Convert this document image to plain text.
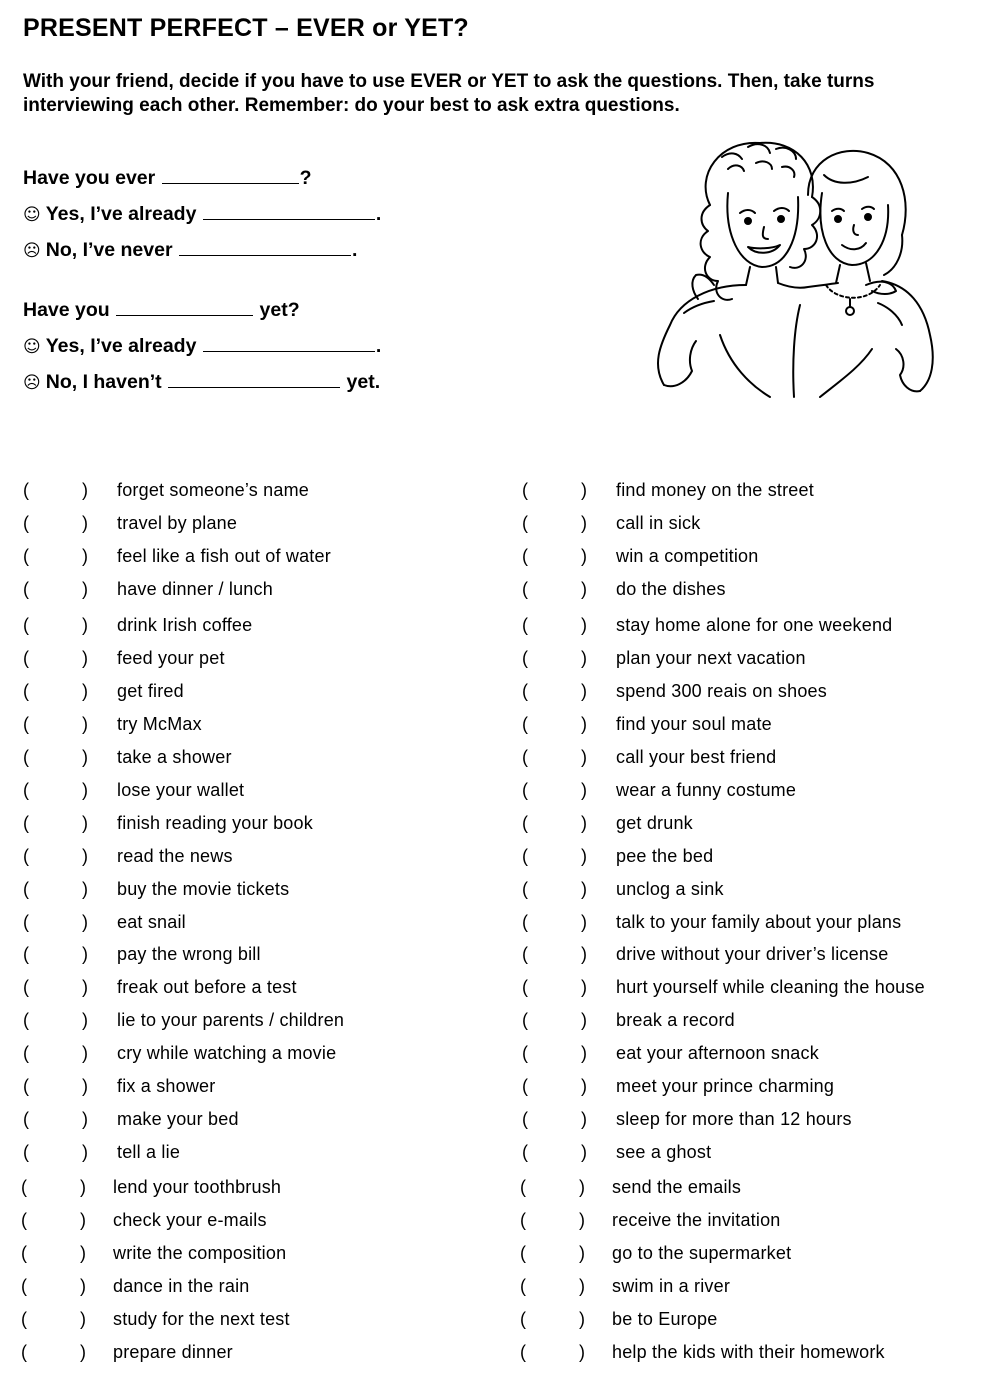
PRESENT PERFECT – EVER or YET?
With your friend, decide if you have to use EVER or YET to ask the questions. Then, take turns interviewing each other. Remember: do your best to ask extra questions.
Have you ever	?
☺ Yes, I’ve already	.
☹ No, I’ve never	.
Have you	yet?
☺ Yes, I’ve already	.
☹ No, I haven’t	yet.
(	) forget someone’s name
(	) travel by plane
(	) feel like a fish out of water
(	) have dinner / lunch
(	) drink Irish coffee
(	) feed your pet
(	) get fired
(	) try McMax
(	) take a shower
(	) lose your wallet
(	) finish reading your book
(	) read the news
(	) buy the movie tickets
(	) eat snail
(	) pay the wrong bill
(	) freak out before a test
(	) lie to your parents / children
(	) cry while watching a movie
(	) fix a shower
(	) make your bed
(	) tell a lie
(	) lend your toothbrush
(	) check your e-mails
(	) write the composition
(	) dance in the rain
(	) study for the next test
(	) prepare dinner
(	) find money on the street
(	) call in sick
(	) win a competition
(	) do the dishes
(	) stay home alone for one weekend
(	) plan your next vacation
(	) spend 300 reais on shoes
(	) find your soul mate
(	) call your best friend
(	) wear a funny costume
(	) get drunk
(	) pee the bed
(	) unclog a sink
(	) talk to your family about your plans
(	) drive without your driver’s license
(	) hurt yourself while cleaning the house
(	) break a record
(	) eat your afternoon snack
(	) meet your prince charming
(	) sleep for more than 12 hours
(	) see a ghost
(	) send the emails
(	) receive the invitation
(	) go to the supermarket
(	) swim in a river
(	) be to Europe
(	) help the kids with their homework
